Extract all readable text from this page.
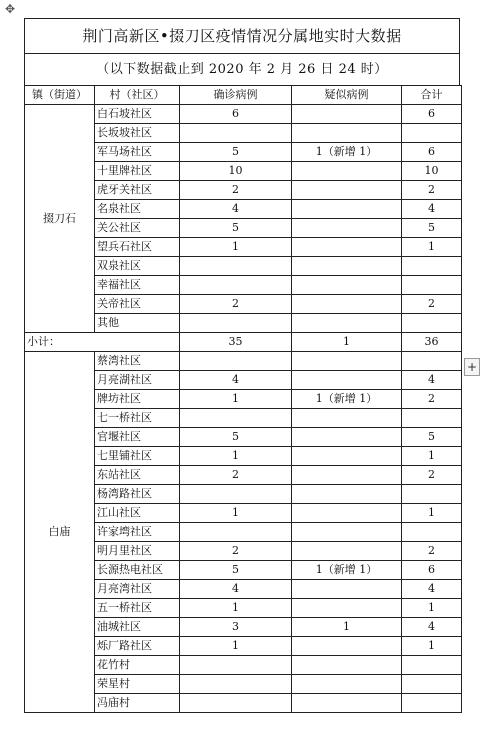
✥
荆门高新区•掇刀区疫情情况分属地实时大数据
（以下数据截止到 2020 年 2 月 26 日 24 时）
镇（街道）	村（社区）	确诊病例	疑似病例	合计
掇刀石	白石坡社区	6		6
	长坂坡社区			
	军马场社区	5	1（新增 1）	6
	十里牌社区	10		10
	虎牙关社区	2		2
	名泉社区	4		4
	关公社区	5		5
	望兵石社区	1		1
	双泉社区			
	幸福社区			
	关帝社区	2		2
	其他			
小计：		35	1	36
白庙	蔡湾社区			
	月亮湖社区	4		4
	牌坊社区	1	1（新增 1）	2
	七一桥社区			
	官堰社区	5		5
	七里铺社区	1		1
	东站社区	2		2
	杨湾路社区			
	江山社区	1		1
	许家塆社区			
	明月里社区	2		2
	长源热电社区	5	1（新增 1）	6
	月亮湾社区	4		4
	五一桥社区	1		1
	油城社区	3	1	4
	烁厂路社区	1		1
	花竹村			
	荣星村			
	冯庙村			
+
